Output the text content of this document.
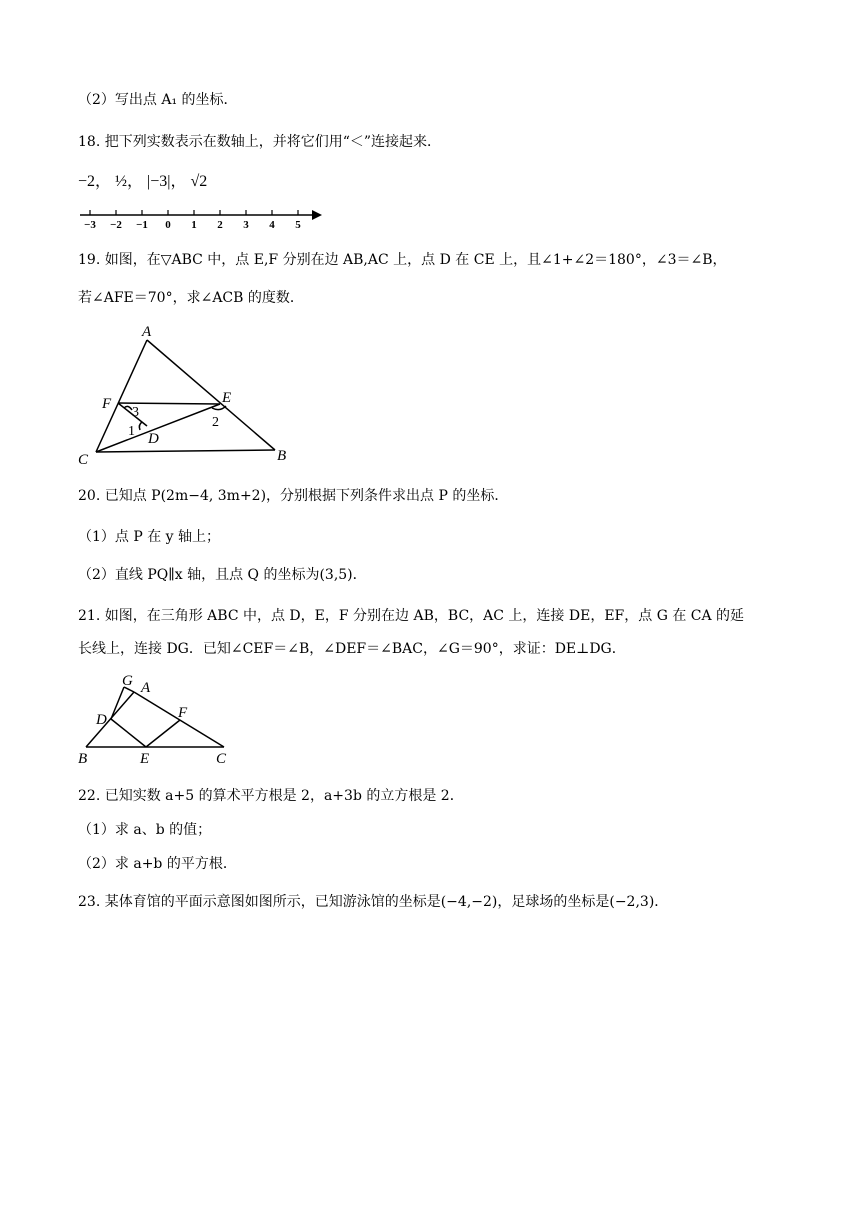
（2）写出点 A₁ 的坐标．
18. 把下列实数表示在数轴上，并将它们用“＜”连接起来．
−2， ½， |−3|， √2
−3 −2 −1 0 1 2 3 4 5
19. 如图，在▽ABC 中，点 E,F 分别在边 AB,AC 上，点 D 在 CE 上，且∠1+∠2＝180°，∠3＝∠B，
若∠AFE＝70°，求∠ACB 的度数．
A
B
C
D
E
F
1
2
3
20. 已知点 P(2m−4, 3m+2)，分别根据下列条件求出点 P 的坐标．
（1）点 P 在 y 轴上；
（2）直线 PQ∥x 轴，且点 Q 的坐标为(3,5)．
21. 如图，在三角形 ABC 中，点 D，E，F 分别在边 AB，BC，AC 上，连接 DE，EF，点 G 在 CA 的延
长线上，连接 DG．已知∠CEF＝∠B，∠DEF＝∠BAC，∠G＝90°，求证：DE⊥DG．
G A
B	C
D
E
F
22. 已知实数 a+5 的算术平方根是 2，a+3b 的立方根是 2．
（1）求 a、b 的值；
（2）求 a+b 的平方根．
23. 某体育馆的平面示意图如图所示，已知游泳馆的坐标是(−4,−2)，足球场的坐标是(−2,3)．
